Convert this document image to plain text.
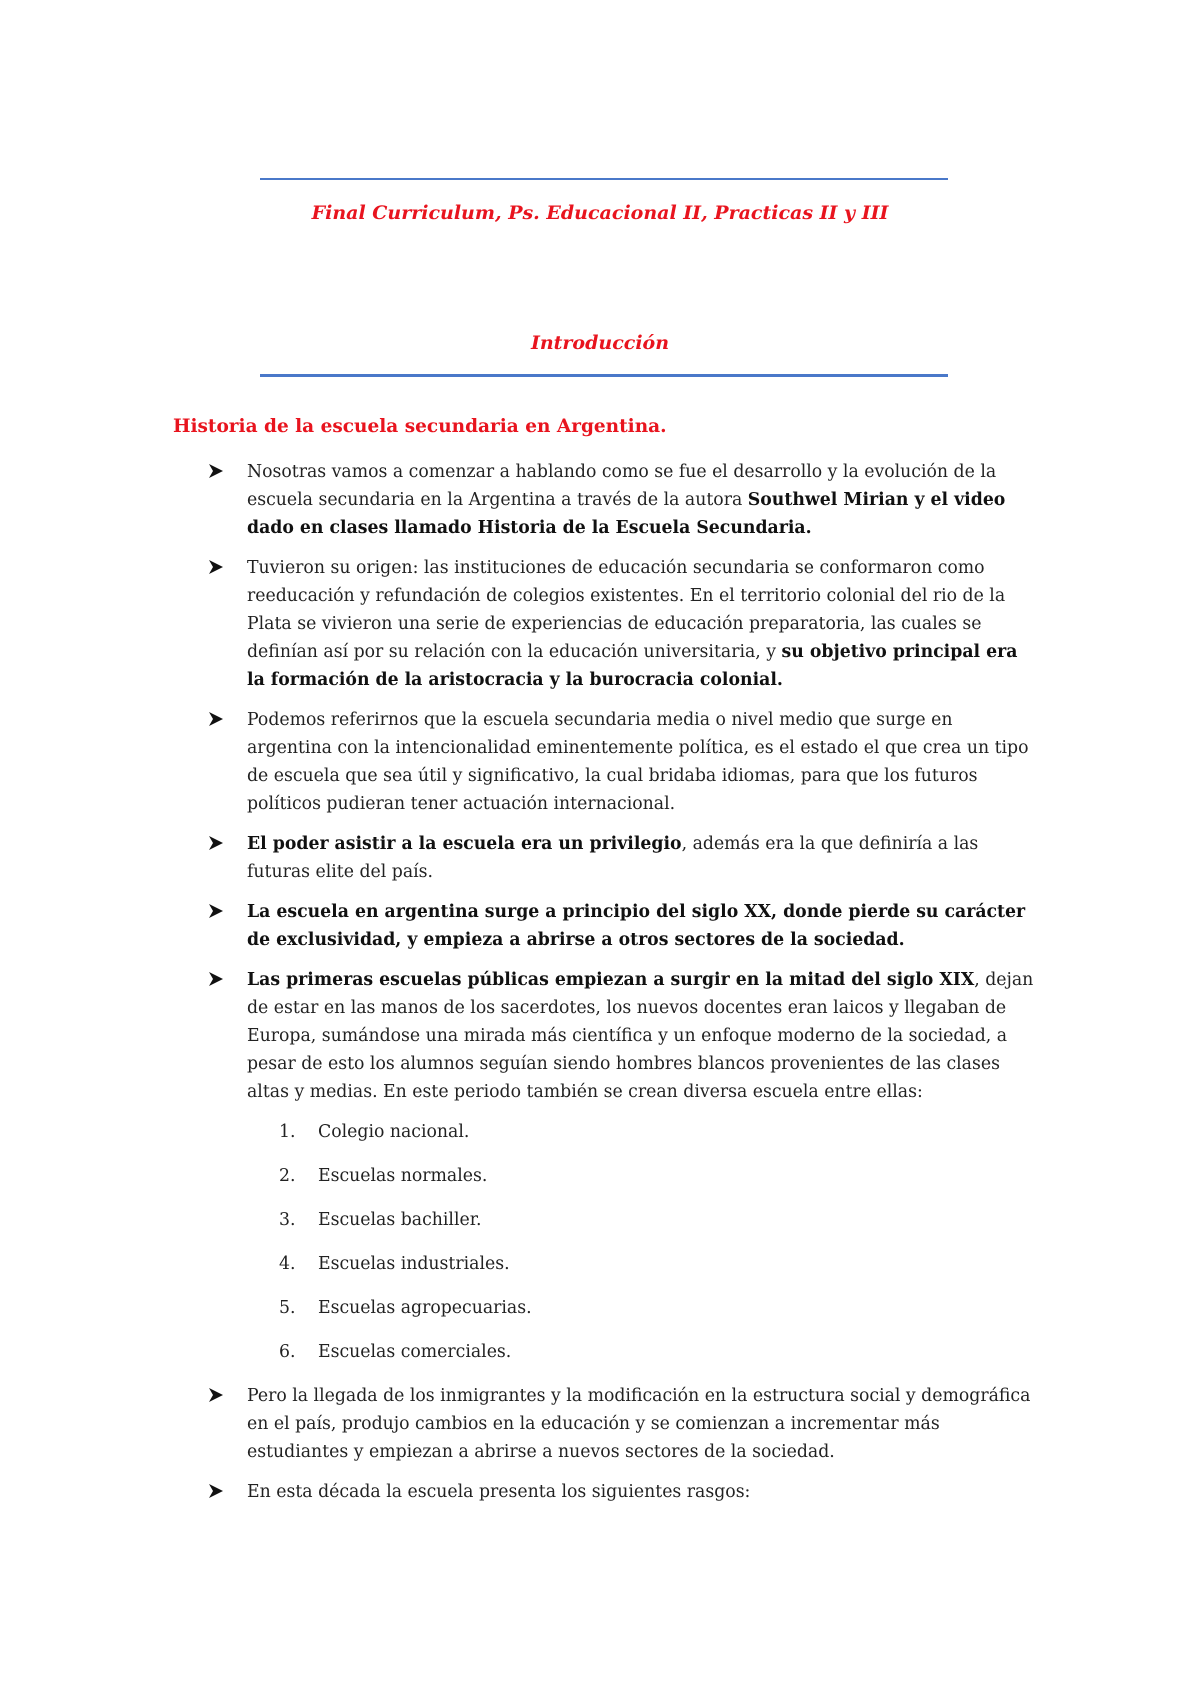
Final Curriculum, Ps. Educacional II, Practicas II y III
Introducción
Historia de la escuela secundaria en Argentina.
Nosotras vamos a comenzar a hablando como se fue el desarrollo y la evolución de la escuela secundaria en la Argentina a través de la autora Southwel Mirian y el video dado en clases llamado Historia de la Escuela Secundaria.
Tuvieron su origen: las instituciones de educación secundaria se conformaron como reeducación y refundación de colegios existentes. En el territorio colonial del rio de la Plata se vivieron una serie de experiencias de educación preparatoria, las cuales se definían así por su relación con la educación universitaria, y su objetivo principal era la formación de la aristocracia y la burocracia colonial.
Podemos referirnos que la escuela secundaria media o nivel medio que surge en argentina con la intencionalidad eminentemente política, es el estado el que crea un tipo de escuela que sea útil y significativo, la cual bridaba idiomas, para que los futuros políticos pudieran tener actuación internacional.
El poder asistir a la escuela era un privilegio, además era la que definiría a las futuras elite del país.
La escuela en argentina surge a principio del siglo XX, donde pierde su carácter de exclusividad, y empieza a abrirse a otros sectores de la sociedad.
Las primeras escuelas públicas empiezan a surgir en la mitad del siglo XIX, dejan de estar en las manos de los sacerdotes, los nuevos docentes eran laicos y llegaban de Europa, sumándose una mirada más científica y un enfoque moderno de la sociedad, a pesar de esto los alumnos seguían siendo hombres blancos provenientes de las clases altas y medias. En este periodo también se crean diversa escuela entre ellas:
1. Colegio nacional.
2. Escuelas normales.
3. Escuelas bachiller.
4. Escuelas industriales.
5. Escuelas agropecuarias.
6. Escuelas comerciales.
Pero la llegada de los inmigrantes y la modificación en la estructura social y demográfica en el país, produjo cambios en la educación y se comienzan a incrementar más estudiantes y empiezan a abrirse a nuevos sectores de la sociedad.
En esta década la escuela presenta los siguientes rasgos:
